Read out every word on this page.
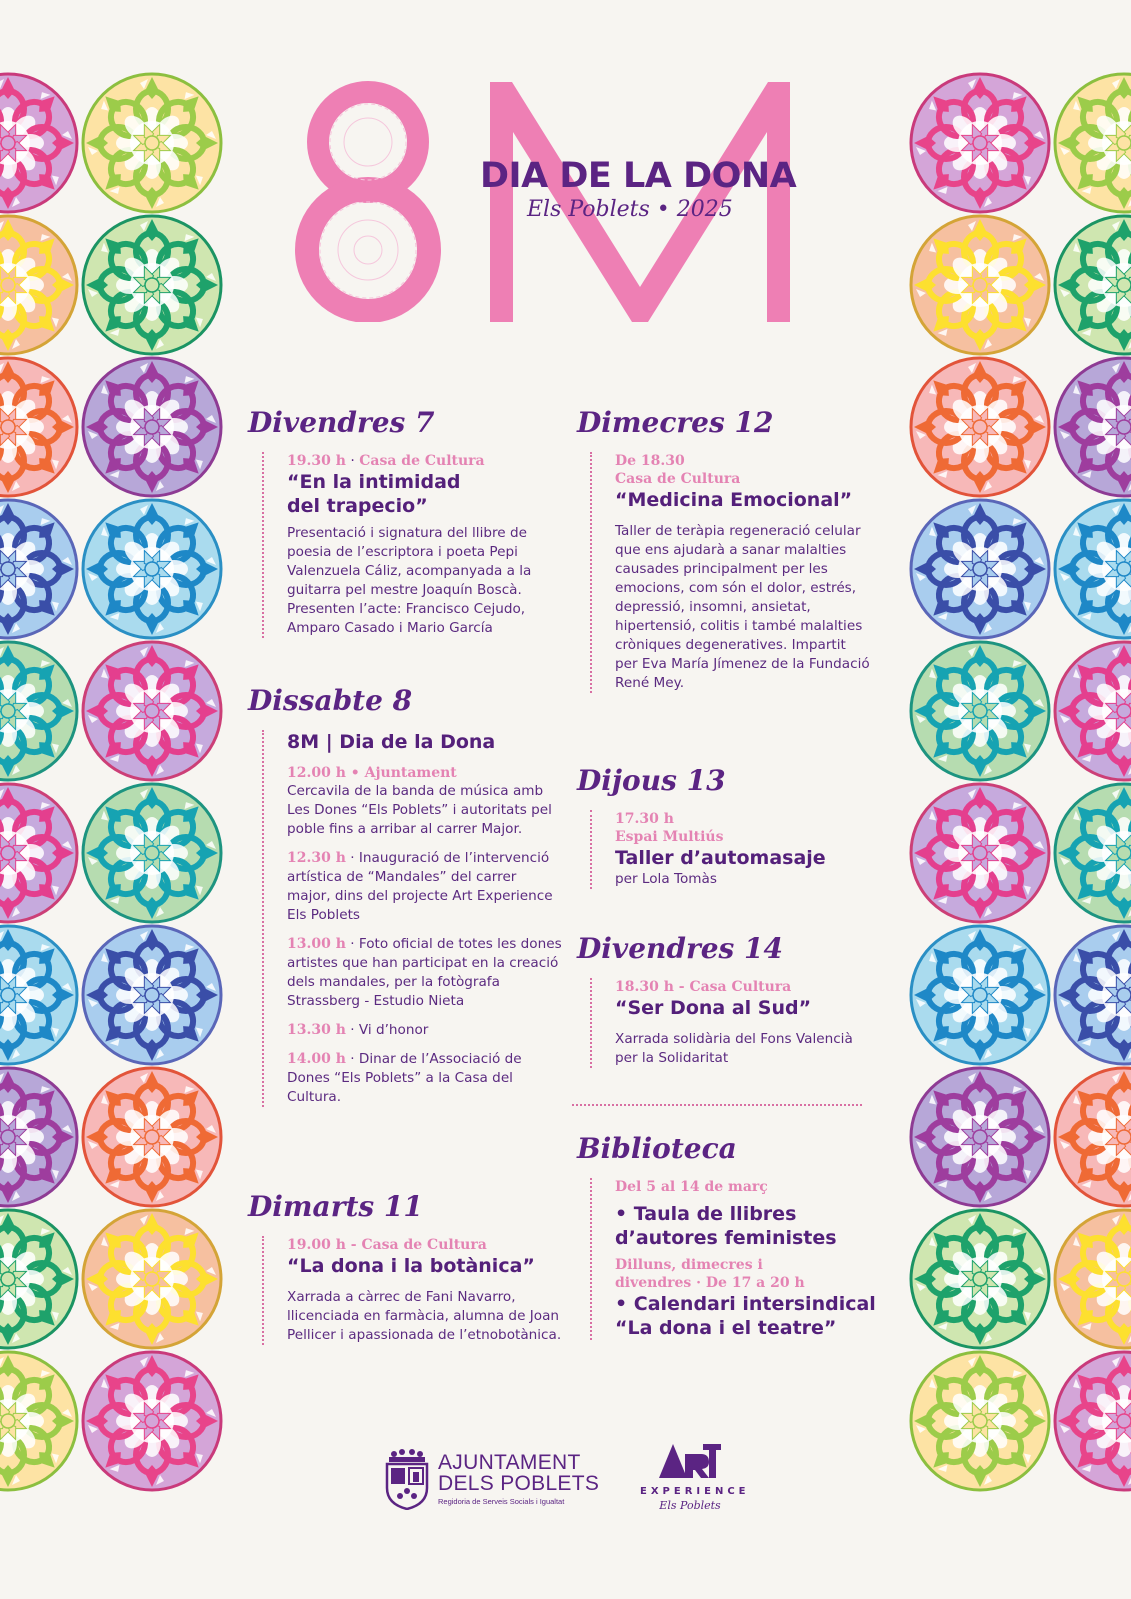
DIA DE LA DONA
Els Poblets • 2025
Divendres 7
19.30 h · Casa de Cultura
“En la intimidad
del trapecio”
Presentació i signatura del llibre de poesia de l’escriptora i poeta Pepi Valenzuela Cáliz, acompanyada a la guitarra pel mestre Joaquín Boscà. Presenten l’acte: Francisco Cejudo, Amparo Casado i Mario García
Dissabte 8
8M | Dia de la Dona
12.00 h • Ajuntament
Cercavila de la banda de música amb Les Dones “Els Poblets” i autoritats pel poble fins a arribar al carrer Major.
12.30 h · Inauguració de l’intervenció artística de “Mandales” del carrer major, dins del projecte Art Experience Els Poblets
13.00 h · Foto oficial de totes les dones artistes que han participat en la creació dels mandales, per la fotògrafa Strassberg - Estudio Nieta
13.30 h · Vi d’honor
14.00 h · Dinar de l’Associació de Dones “Els Poblets” a la Casa del Cultura.
Dimarts 11
19.00 h - Casa de Cultura
“La dona i la botànica”
Xarrada a càrrec de Fani Navarro, llicenciada en farmàcia, alumna de Joan Pellicer i apassionada de l’etnobotànica.
Dimecres 12
De 18.30
Casa de Cultura
“Medicina Emocional”
Taller de teràpia regeneració celular que ens ajudarà a sanar malalties causades principalment per les emocions, com són el dolor, estrés, depressió, insomni, ansietat, hipertensió, colitis i també malalties cròniques degeneratives. Impartit per Eva María Jímenez de la Fundació René Mey.
Dijous 13
17.30 h
Espai Multiús
Taller d’automasaje
per Lola Tomàs
Divendres 14
18.30 h - Casa Cultura
“Ser Dona al Sud”
Xarrada solidària del Fons Valencià per la Solidaritat
Biblioteca
Del 5 al 14 de març
• Taula de llibres
d’autores feministes
Dilluns, dimecres i
divendres · De 17 a 20 h
• Calendari intersindical
“La dona i el teatre”
AJUNTAMENT
DELS POBLETS
Regidoria de Serveis Socials i Igualtat
EXPERIENCE
Els Poblets
